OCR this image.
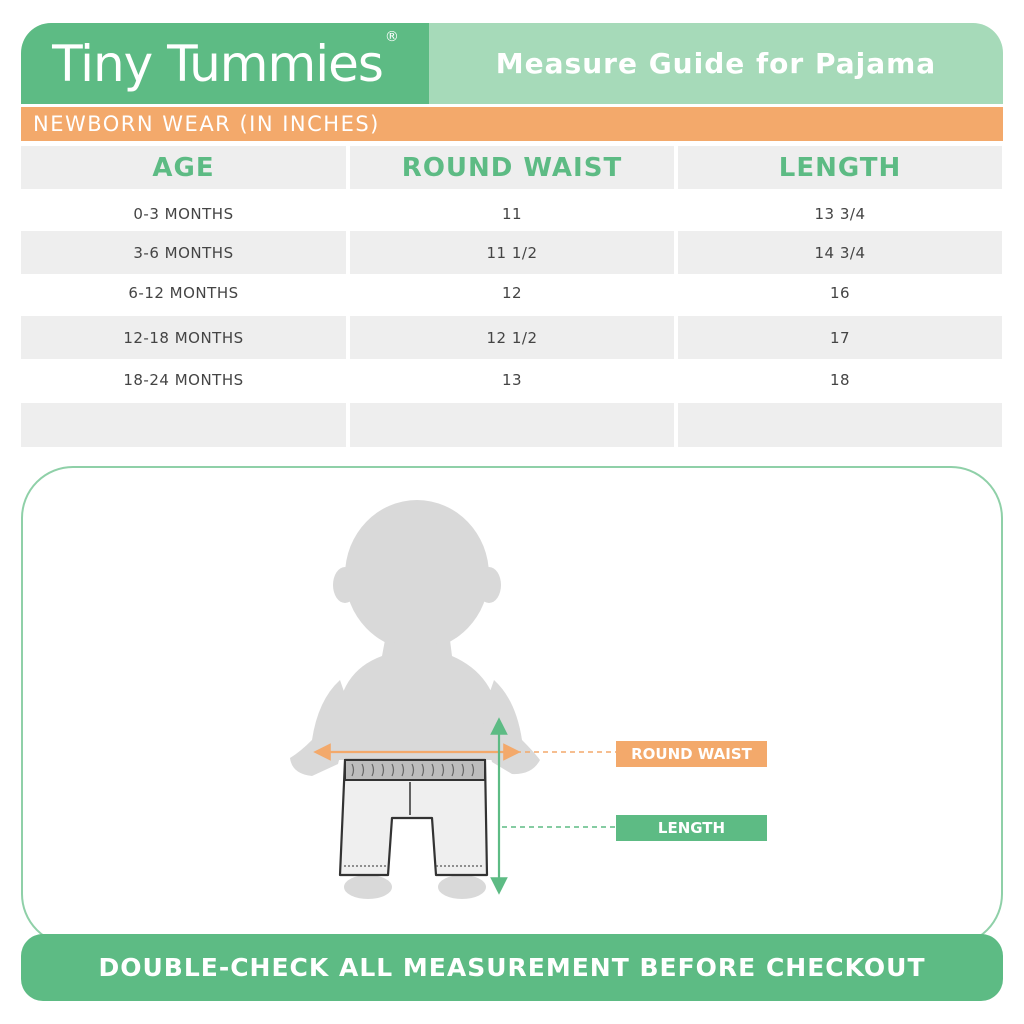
Tiny Tummies ®
Measure Guide for Pajama
NEWBORN WEAR (IN INCHES)
AGE	ROUND WAIST	LENGTH
0-3 MONTHS	11	13 3/4
3-6 MONTHS	11 1/2	14 3/4
6-12 MONTHS	12	16
12-18 MONTHS	12 1/2	17
18-24 MONTHS	13	18
ROUND WAIST
LENGTH
DOUBLE-CHECK ALL MEASUREMENT BEFORE CHECKOUT
